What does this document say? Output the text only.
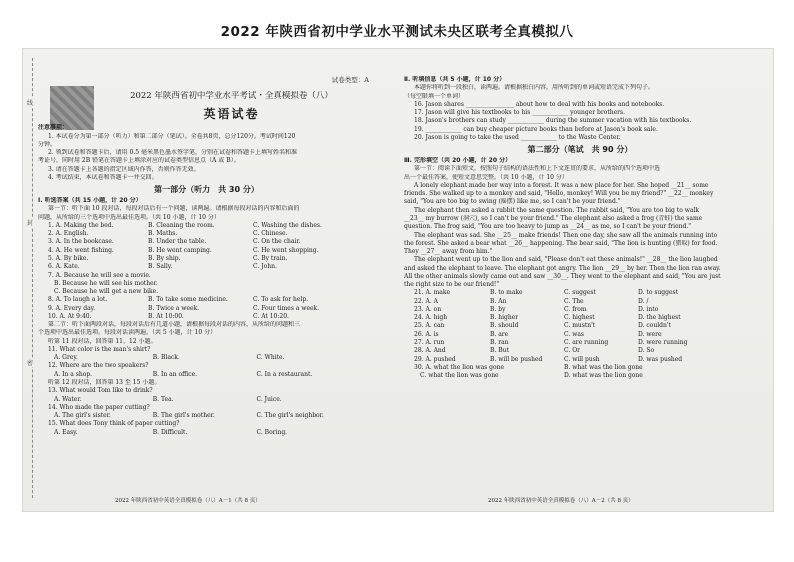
2022 年陕西省初中学业水平测试未央区联考全真模拟八
线
封
密

试卷类型：A

2022 年陕西省初中学业水平考试・全真模拟卷（八）

英语试卷

注意事项：

1. 本试卷分为第一部分（听力）和第二部分（笔试）。全卷共8页，总分120分。考试时间120

分钟。

2. 领到试卷和答题卡后，请用 0.5 毫米黑色墨水签字笔，分别在试卷和答题卡上填写姓名和准

考证号，同时用 2B 铅笔在答题卡上填涂对应的试卷类型信息点（A 或 B）。

3. 请在答题卡上各题的指定区域内作答，否则作答无效。

4. 考试结束，本试卷和答题卡一并交回。

第一部分（听力　共 30 分）

Ⅰ. 听选答案（共 15 小题，计 20 分）

第一节：听下面 10 段对话，每段对话后有一个问题，读两遍。请根据每段对话的内容和后面的

问题，从所给的三个选项中选出最佳选项。（共 10 小题，计 10 分）

1. A. Making the bed.	B. Cleaning the room.	C. Washing the dishes.
2. A. English.	B. Maths.	C. Chinese.
3. A. In the bookcase.	B. Under the table.	C. On the chair.
4. A. He went fishing.	B. He went camping.	C. He went shopping.
5. A. By bike.	B. By ship.	C. By train.
6. A. Kate.	B. Sally.	C. John.

7. A. Because he will see a movie.

B. Because he will see his mother.

C. Because he will get a new bike.

8. A. To laugh a lot.	B. To take some medicine.	C. To ask for help.
9. A. Every day.	B. Twice a week.	C. Four times a week.
10. A. At 9:40.	B. At 10:00.	C. At 10:20.

第二节：听下面两段对话，每段对话后有几道小题，请根据每段对话的内容，从所给的问题和三

个选项中选出最佳选项。每段对话读两遍。（共 5 小题，计 10 分）

听第 11 段对话，回答第 11、12 小题。

11. What color is the man's shirt?

A. Grey.	B. Black.	C. White.

12. Where are the two speakers?

A. In a shop.	B. In an office.	C. In a restaurant.

听第 12 段对话，回答第 13 至 15 小题。

13. What would Tom like to drink?

A. Water.	B. Tea.	C. Juice.

14. Who made the paper cutting?

A. The girl's sister.	B. The girl's mother.	C. The girl's neighbor.

15. What does Tony think of paper cutting?

A. Easy.	B. Difficult.	C. Boring.

Ⅱ. 听填信息（共 5 小题，计 10 分）

本题你将听到一段独白，读两遍。请根据独白内容，用所听到的单词或短语完成下列句子。

（每空限填一个单词）

16. Jason shares ________________ about how to deal with his books and notebooks.

17. Jason will give his textbooks to his ____________ younger brothers.

18. Jason's brothers can study ____________ during the summer vacation with his textbooks.

19. ____________ can buy cheaper picture books than before at Jason's book sale.

20. Jason is going to take the used ____________ to the Waste Center.

第二部分（笔试　共 90 分）

Ⅲ. 完形填空（共 20 小题，计 20 分）

第一节：阅读下面短文，按照句子结构的语法性和上下文连贯的要求，从所给的四个选项中选

出一个最佳答案，使短文意思完整。（共 10 小题，计 10 分）

A lonely elephant made her way into a forest. It was a new place for her. She hoped __21__ some

friends. She walked up to a monkey and said, "Hello, monkey! Will you be my friend?" __22__ monkey

said, "You are too big to swing (摇摆) like me, so I can't be your friend."

The elephant then asked a rabbit the same question. The rabbit said, "You are too big to walk

__23__ my burrow (洞穴), so I can't be your friend." The elephant also asked a frog (青蛙) the same

question. The frog said, "You are too heavy to jump as __24__ as me, so I can't be your friend."

The elephant was sad. She __25__ make friends! Then one day, she saw all the animals running into

the forest. She asked a bear what __26__ happening. The bear said, "The lion is hunting (猎取) for food.

They __27__ away from him."

The elephant went up to the lion and said, "Please don't eat these animals!" __28__ the lion laughed

and asked the elephant to leave. The elephant got angry. The lion __29__ by her. Then the lion ran away.

All the other animals slowly came out and saw __30__. They went to the elephant and said, "You are just

the right size to be our friend!"

21. A. make	B. to make	C. suggest	D. to suggest
22. A. A	B. An	C. The	D. /
23. A. on	B. by	C. from	D. into
24. A. high	B. higher	C. highest	D. the highest
25. A. can	B. should	C. mustn't	D. couldn't
26. A. is	B. are	C. was	D. were
27. A. run	B. ran	C. are running	D. were running
28. A. And	B. But	C. Or	D. So
29. A. pushed	B. will be pushed	C. will push	D. was pushed
30. A. what the lion was gone	B. what was the lion gone
C. what the lion was gone	D. what was the lion gone
2022 年陕西省初中英语全真模拟卷（八）A－1（共 8 页）	2022 年陕西省初中英语全真模拟卷（八）A－2（共 8 页）
